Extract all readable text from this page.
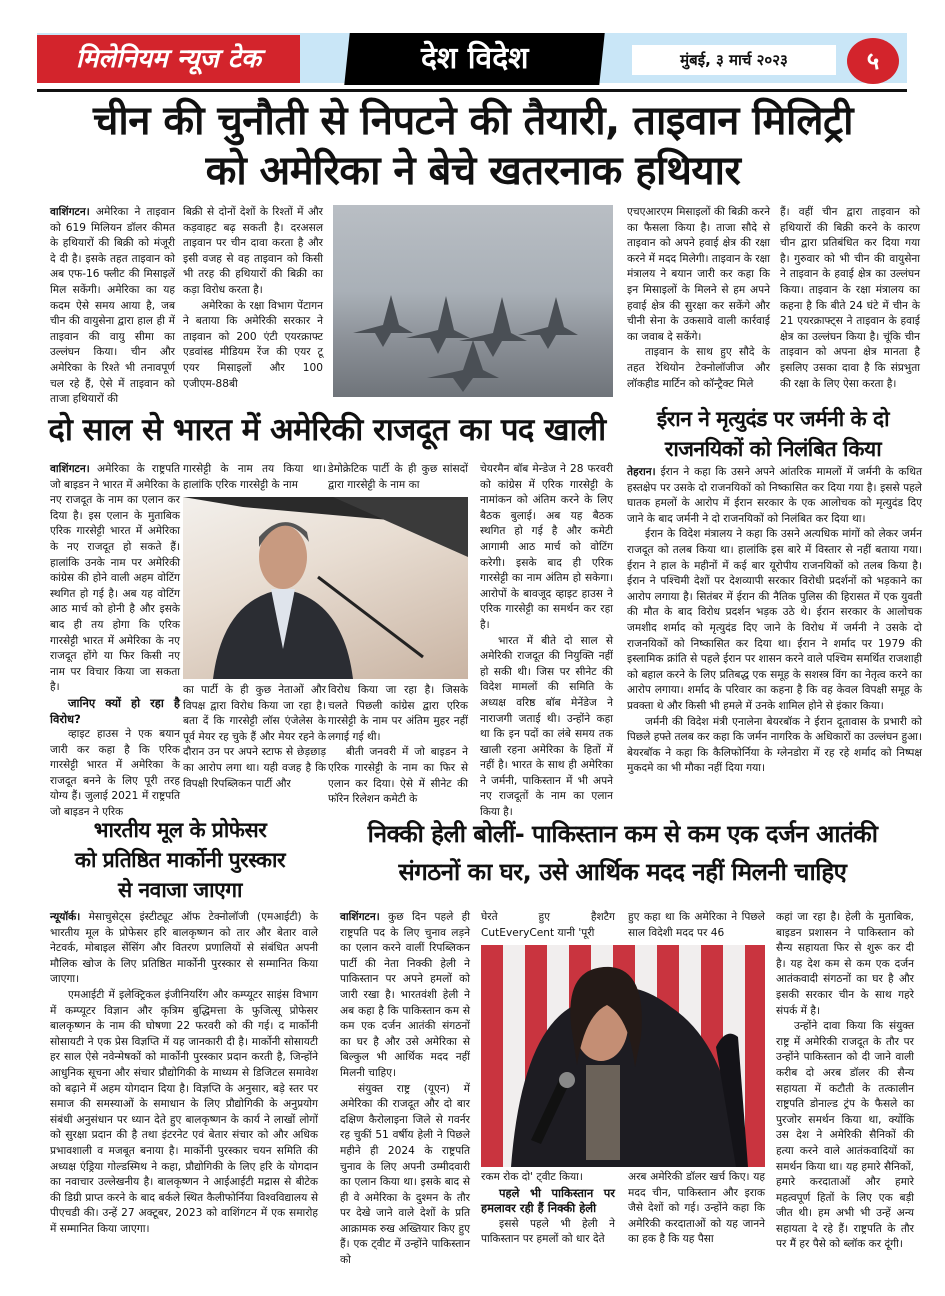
मिलेनियम न्यूज टेक	देश विदेश	मुंबई, ३ मार्च २०२३	५
चीन की चुनौती से निपटने की तैयारी, ताइवान मिलिट्री
को अमेरिका ने बेचे खतरनाक हथियार

वाशिंगटन। अमेरिका ने ताइवान को 619 मिलियन डॉलर कीमत के हथियारों की बिक्री को मंजूरी दे दी है। इसके तहत ताइवान को अब एफ-16 फ्लीट की मिसाइलें मिल सकेंगी। अमेरिका का यह कदम ऐसे समय आया है, जब चीन की वायुसेना द्वारा हाल ही में ताइवान की वायु सीमा का उल्लंघन किया। चीन और अमेरिका के रिश्ते भी तनावपूर्ण चल रहे हैं, ऐसे में ताइवान को ताजा हथियारों की

बिक्री से दोनों देशों के रिश्तों में और कड़वाहट बढ़ सकती है। दरअसल ताइवान पर चीन दावा करता है और इसी वजह से वह ताइवान को किसी भी तरह की हथियारों की बिक्री का कड़ा विरोध करता है।

अमेरिका के रक्षा विभाग पेंटागन ने बताया कि अमेरिकी सरकार ने ताइवान को 200 एंटी एयरक्राफ्ट एडवांस्ड मीडियम रेंज की एयर टू एयर मिसाइलों और 100 एजीएम-88बी

एचएआरएम मिसाइलों की बिक्री करने का फैसला किया है। ताजा सौदे से ताइवान को अपने हवाई क्षेत्र की रक्षा करने में मदद मिलेगी। ताइवान के रक्षा मंत्रालय ने बयान जारी कर कहा कि इन मिसाइलों के मिलने से हम अपने हवाई क्षेत्र की सुरक्षा कर सकेंगे और चीनी सेना के उकसावे वाली कार्रवाई का जवाब दे सकेंगे।

ताइवान के साथ हुए सौदे के तहत रेथियोन टेक्नोलॉजीज और लॉकहीड मार्टिन को कॉन्ट्रैक्ट मिले

हैं। वहीं चीन द्वारा ताइवान को हथियारों की बिक्री करने के कारण चीन द्वारा प्रतिबंधित कर दिया गया है। गुरुवार को भी चीन की वायुसेना ने ताइवान के हवाई क्षेत्र का उल्लंघन किया। ताइवान के रक्षा मंत्रालय का कहना है कि बीते 24 घंटे में चीन के 21 एयरक्राफ्ट्स ने ताइवान के हवाई क्षेत्र का उल्लंघन किया है। चूंकि चीन ताइवान को अपना क्षेत्र मानता है इसलिए उसका दावा है कि संप्रभुता की रक्षा के लिए ऐसा करता है।

दो साल से भारत में अमेरिकी राजदूत का पद खाली

वाशिंगटन। अमेरिका के राष्ट्रपति जो बाइडन ने भारत में अमेरिका के नए राजदूत के नाम का एलान कर दिया है। इस एलान के मुताबिक एरिक गारसेट्टी भारत में अमेरिका के नए राजदूत हो सकते हैं। हालांकि उनके नाम पर अमेरिकी कांग्रेस की होने वाली अहम वोटिंग स्थगित हो गई है। अब यह वोटिंग आठ मार्च को होनी है और इसके बाद ही तय होगा कि एरिक गारसेट्टी भारत में अमेरिका के नए राजदूत होंगे या फिर किसी नए नाम पर विचार किया जा सकता है।

जानिए क्यों हो रहा है विरोध?

व्हाइट हाउस ने एक बयान जारी कर कहा है कि एरिक गारसेट्टी भारत में अमेरिका के राजदूत बनने के लिए पूरी तरह योग्य हैं। जुलाई 2021 में राष्ट्रपति जो बाइडन ने एरिक

गारसेट्टी के नाम तय किया था। हालांकि एरिक गारसेट्टी के नाम

डेमोक्रेटिक पार्टी के ही कुछ सांसदों द्वारा गारसेट्टी के नाम का

का पार्टी के ही कुछ नेताओं और विपक्ष द्वारा विरोध किया जा रहा है। बता दें कि गारसेट्टी लॉस एंजेलेस के पूर्व मेयर रह चुके हैं और मेयर रहने के दौरान उन पर अपने स्टाफ से छेड़छाड़ का आरोप लगा था। यही वजह है कि विपक्षी रिपब्लिकन पार्टी और

विरोध किया जा रहा है। जिसके चलते पिछली कांग्रेस द्वारा एरिक गारसेट्टी के नाम पर अंतिम मुहर नहीं लगाई गई थी।

बीती जनवरी में जो बाइडन ने एरिक गारसेट्टी के नाम का फिर से एलान कर दिया। ऐसे में सीनेट की फॉरेन रिलेशन कमेटी के

चेयरमैन बॉब मेन्डेज ने 28 फरवरी को कांग्रेस में एरिक गारसेट्टी के नामांकन को अंतिम करने के लिए बैठक बुलाई। अब यह बैठक स्थगित हो गई है और कमेटी आगामी आठ मार्च को वोटिंग करेगी। इसके बाद ही एरिक गारसेट्टी का नाम अंतिम हो सकेगा। आरोपों के बावजूद व्हाइट हाउस ने एरिक गारसेट्टी का समर्थन कर रहा है।

भारत में बीते दो साल से अमेरिकी राजदूत की नियुक्ति नहीं हो सकी थी। जिस पर सीनेट की विदेश मामलों की समिति के अध्यक्ष वरिष्ठ बॉब मेनेंडेज ने नाराजगी जताई थी। उन्होंने कहा था कि इन पदों का लंबे समय तक खाली रहना अमेरिका के हितों में नहीं है। भारत के साथ ही अमेरिका ने जर्मनी, पाकिस्तान में भी अपने नए राजदूतों के नाम का एलान किया है।

ईरान ने मृत्युदंड पर जर्मनी के दो
राजनयिकों को निलंबित किया

तेहरान। ईरान ने कहा कि उसने अपने आंतरिक मामलों में जर्मनी के कथित हस्तक्षेप पर उसके दो राजनयिकों को निष्कासित कर दिया गया है। इससे पहले घातक हमलों के आरोप में ईरान सरकार के एक आलोचक को मृत्युदंड दिए जाने के बाद जर्मनी ने दो राजनयिकों को निलंबित कर दिया था।

ईरान के विदेश मंत्रालय ने कहा कि उसने अत्यधिक मांगों को लेकर जर्मन राजदूत को तलब किया था। हालांकि इस बारे में विस्तार से नहीं बताया गया। ईरान ने हाल के महीनों में कई बार यूरोपीय राजनयिकों को तलब किया है। ईरान ने पश्चिमी देशों पर देशव्यापी सरकार विरोधी प्रदर्शनों को भड़काने का आरोप लगाया है। सितंबर में ईरान की नैतिक पुलिस की हिरासत में एक युवती की मौत के बाद विरोध प्रदर्शन भड़क उठे थे। ईरान सरकार के आलोचक जमशीद शर्माद को मृत्युदंड दिए जाने के विरोध में जर्मनी ने उसके दो राजनयिकों को निष्कासित कर दिया था। ईरान ने शर्माद पर 1979 की इस्लामिक क्रांति से पहले ईरान पर शासन करने वाले पश्चिम समर्थित राजशाही को बहाल करने के लिए प्रतिबद्ध एक समूह के सशस्त्र विंग का नेतृत्व करने का आरोप लगाया। शर्माद के परिवार का कहना है कि वह केवल विपक्षी समूह के प्रवक्ता थे और किसी भी हमले में उनके शामिल होने से इंकार किया।

जर्मनी की विदेश मंत्री एनालेना बेयरबॉक ने ईरान दूतावास के प्रभारी को पिछले हफ्ते तलब कर कहा कि जर्मन नागरिक के अधिकारों का उल्लंघन हुआ। बेयरबॉक ने कहा कि कैलिफोर्निया के ग्लेनडोरा में रह रहे शर्माद को निष्पक्ष मुकदमे का भी मौका नहीं दिया गया।

भारतीय मूल के प्रोफेसर
को प्रतिष्ठित मार्कोनी पुरस्कार
से नवाजा जाएगा

न्यूयॉर्क। मेसाचुसेट्स इंस्टीट्यूट ऑफ टेक्नोलॉजी (एमआईटी) के भारतीय मूल के प्रोफेसर हरि बालकृष्णन को तार और बेतार वाले नेटवर्क, मोबाइल सेंसिंग और वितरण प्रणालियों से संबंधित अपनी मौलिक खोज के लिए प्रतिष्ठित मार्कोनी पुरस्कार से सम्मानित किया जाएगा।

एमआईटी में इलेक्ट्रिकल इंजीनियरिंग और कम्प्यूटर साइंस विभाग में कम्प्यूटर विज्ञान और कृत्रिम बुद्धिमत्ता के फुजित्सू प्रोफेसर बालकृष्णन के नाम की घोषणा 22 फरवरी को की गई। द मार्कोनी सोसायटी ने एक प्रेस विज्ञप्ति में यह जानकारी दी है। मार्कोनी सोसायटी हर साल ऐसे नवेन्मेषकों को मार्कोनी पुरस्कार प्रदान करती है, जिन्होंने आधुनिक सूचना और संचार प्रौद्योगिकी के माध्यम से डिजिटल समावेश को बढ़ाने में अहम योगदान दिया है। विज्ञप्ति के अनुसार, बड़े स्तर पर समाज की समस्याओं के समाधान के लिए प्रौद्योगिकी के अनुप्रयोग संबंधी अनुसंधान पर ध्यान देते हुए बालकृष्णन के कार्य ने लाखों लोगों को सुरक्षा प्रदान की है तथा इंटरनेट एवं बेतार संचार को और अधिक प्रभावशाली व मजबूत बनाया है। मार्कोनी पुरस्कार चयन समिति की अध्यक्ष एंड्रिया गोल्डस्मिथ ने कहा, प्रौद्योगिकी के लिए हरि के योगदान का नवाचार उल्लेखनीय है। बालकृष्णन ने आईआईटी मद्रास से बीटेक की डिग्री प्राप्त करने के बाद बर्कले स्थित कैलीफोर्निया विश्वविद्यालय से पीएचडी की। उन्हें 27 अक्टूबर, 2023 को वाशिंगटन में एक समारोह में सम्मानित किया जाएगा।

निक्की हेली बोलीं- पाकिस्तान कम से कम एक दर्जन आतंकी
संगठनों का घर, उसे आर्थिक मदद नहीं मिलनी चाहिए

वाशिंगटन। कुछ दिन पहले ही राष्ट्रपति पद के लिए चुनाव लड़ने का एलान करने वालीं रिपब्लिकन पार्टी की नेता निक्की हेली ने पाकिस्तान पर अपने हमलों को जारी रखा है। भारतवंशी हेली ने अब कहा है कि पाकिस्तान कम से कम एक दर्जन आतंकी संगठनों का घर है और उसे अमेरिका से बिल्कुल भी आर्थिक मदद नहीं मिलनी चाहिए।

संयुक्त राष्ट्र (यूएन) में अमेरिका की राजदूत और दो बार दक्षिण कैरोलाइना जिले से गवर्नर रह चुकीं 51 वर्षीय हेली ने पिछले महीने ही 2024 के राष्ट्रपति चुनाव के लिए अपनी उम्मीदवारी का एलान किया था। इसके बाद से ही वे अमेरिका के दुश्मन के तौर पर देखे जाने वाले देशों के प्रति आक्रामक रुख अख्तियार किए हुए हैं। एक ट्वीट में उन्होंने पाकिस्तान को

घेरते हुए हैशटैग CutEveryCent यानी 'पूरी

हुए कहा था कि अमेरिका ने पिछले साल विदेशी मदद पर 46

रकम रोक दो' ट्वीट किया।

पहले भी पाकिस्तान पर हमलावर रही हैं निक्की हेली

इससे पहले भी हेली ने पाकिस्तान पर हमलों को धार देते

अरब अमेरिकी डॉलर खर्च किए। यह मदद चीन, पाकिस्तान और इराक जैसे देशों को गई। उन्होंने कहा कि अमेरिकी करदाताओं को यह जानने का हक है कि यह पैसा

कहां जा रहा है। हेली के मुताबिक, बाइडन प्रशासन ने पाकिस्तान को सैन्य सहायता फिर से शुरू कर दी है। यह देश कम से कम एक दर्जन आतंकवादी संगठनों का घर है और इसकी सरकार चीन के साथ गहरे संपर्क में है।

उन्होंने दावा किया कि संयुक्त राष्ट्र में अमेरिकी राजदूत के तौर पर उन्होंने पाकिस्तान को दी जाने वाली करीब दो अरब डॉलर की सैन्य सहायता में कटौती के तत्कालीन राष्ट्रपति डोनाल्ड ट्रंप के फैसले का पुरजोर समर्थन किया था, क्योंकि उस देश ने अमेरिकी सैनिकों की हत्या करने वाले आतंकवादियों का समर्थन किया था। यह हमारे सैनिकों, हमारे करदाताओं और हमारे महत्वपूर्ण हितों के लिए एक बड़ी जीत थी। हम अभी भी उन्हें अन्य सहायता दे रहे हैं। राष्ट्रपति के तौर पर मैं हर पैसे को ब्लॉक कर दूंगी।
